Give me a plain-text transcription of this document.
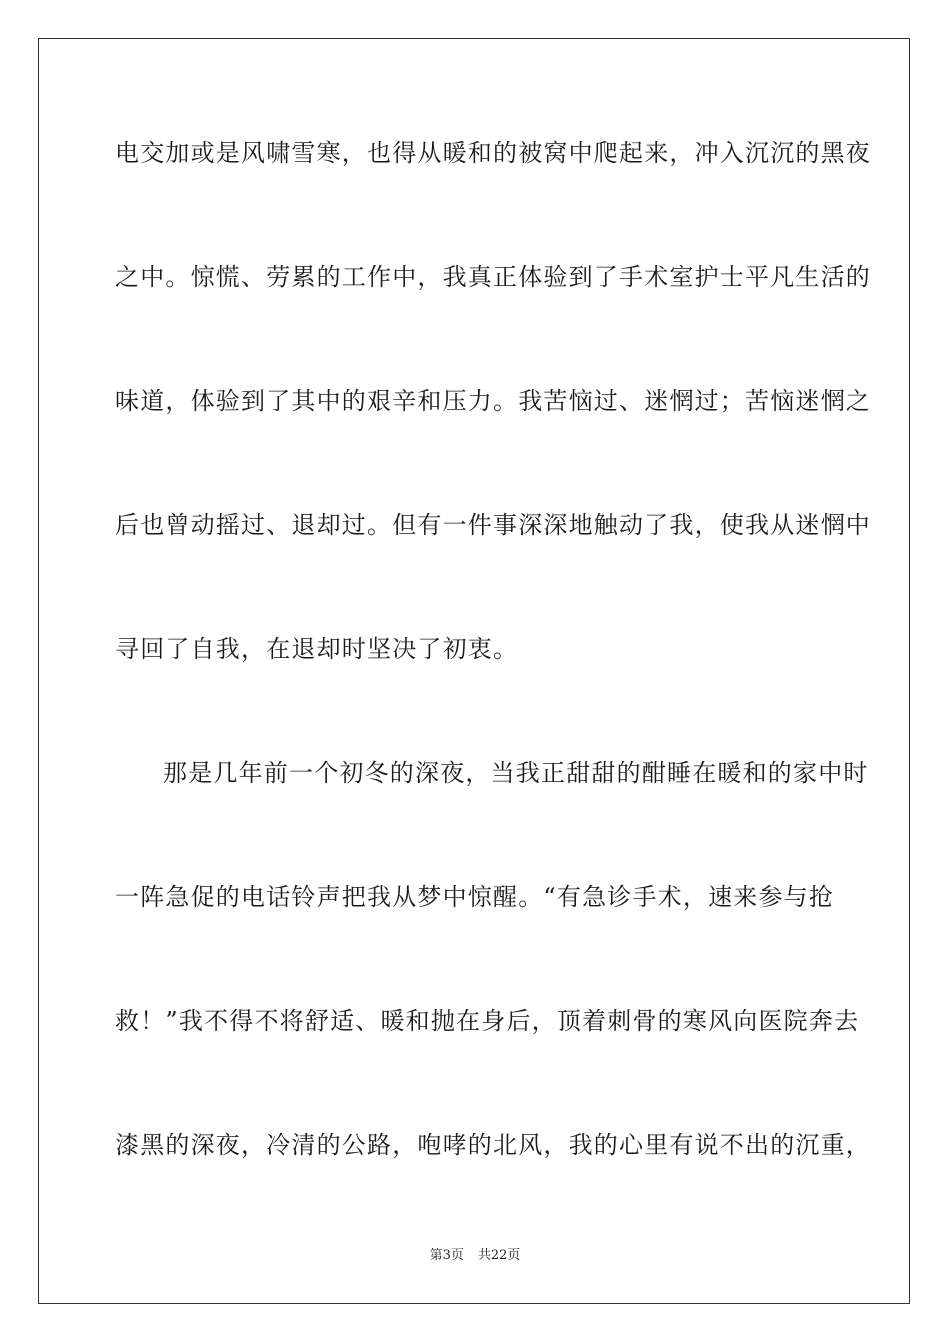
电交加或是风啸雪寒，也得从暖和的被窝中爬起来，冲入沉沉的黑夜
之中。惊慌、劳累的工作中，我真正体验到了手术室护士平凡生活的
味道，体验到了其中的艰辛和压力。我苦恼过、迷惘过；苦恼迷惘之
后也曾动摇过、退却过。但有一件事深深地触动了我，使我从迷惘中
寻回了自我，在退却时坚决了初衷。
那是几年前一个初冬的深夜，当我正甜甜的酣睡在暖和的家中时
一阵急促的电话铃声把我从梦中惊醒。“有急诊手术，速来参与抢
救！”我不得不将舒适、暖和抛在身后，顶着刺骨的寒风向医院奔去
漆黑的深夜，冷清的公路，咆哮的北风，我的心里有说不出的沉重，
第3页 共22页
